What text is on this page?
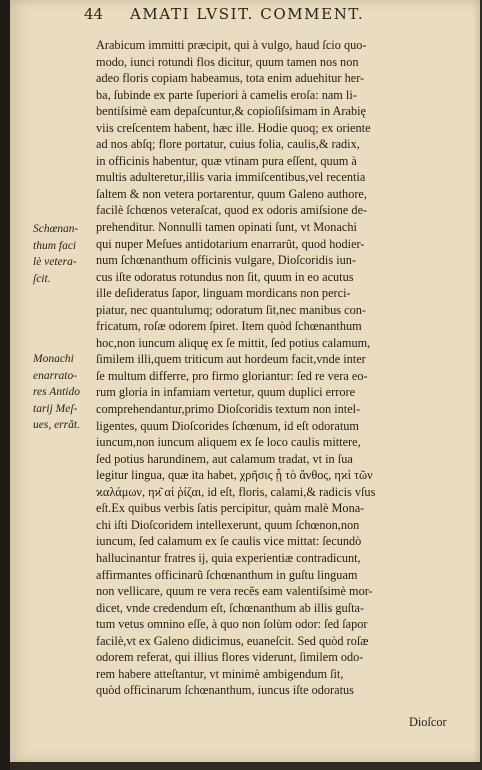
44 AMATI LVSIT. COMMENT.
Schœnan-
thum faci
lè vetera-
ſcit.
Monachi
enarrato-
res Antido
tarij Meſ-
ues, errăt.
Arabicum immitti præcipit, qui à vulgo, haud ſcio quo-
modo, iunci rotundi flos dicitur, quum tamen nos non
adeo floris copiam habeamus, tota enim aduehitur her-
ba, ſubinde ex parte ſuperiori à camelis eroſa: nam li-
bentiſsimè eam depaſcuntur,& copioſiſsimam in Arabię
viis creſcentem habent, hæc ille. Hodie quoq; ex oriente
ad nos abſq; flore portatur, cuius folia, caulis,& radix,
in officinis habentur, quæ vtinam pura eſſent, quum à
multis adulteretur,illis varia immiſcentibus,vel recentia
ſaltem & non vetera portarentur, quum Galeno authore,
facilè ſchœnos veteraſcat, quod ex odoris amiſsione de-
prehenditur. Nonnulli tamen opinati ſunt, vt Monachi
qui nuper Meſues antidotarium enarrarũt, quod hodier-
num ſchœnanthum officinis vulgare, Dioſcoridis iun-
cus iſte odoratus rotundus non ſit, quum in eo acutus
ille deſideratus ſapor, linguam mordicans non perci-
piatur, nec quantulumq; odoratum ſit,nec manibus con-
fricatum, roſæ odorem ſpiret. Item quòd ſchœnanthum
hoc,non iuncum aliquę ex ſe mittit, ſed potius calamum,
ſimilem illi,quem triticum aut hordeum facit,vnde inter
ſe multum differre, pro firmo gloriantur: ſed re vera eo-
rum gloria in infamiam vertetur, quum duplici errore
comprehendantur,primo Dioſcoridis textum non intel-
ligentes, quum Dioſcorides ſchœnum, id eſt odoratum
iuncum,non iuncum aliquem ex ſe loco caulis mittere,
ſed potius harundinem, aut calamum tradat, vt in ſua
legitur lingua, quæ ita habet, χρῆσις ᾗ τὸ ἄνθος, ηϰὶ τῶν
ϰαλάμων, ηϰ͂ αἱ ῥίζαι, id eſt, floris, calami,& radicis vſus
eſt.Ex quibus verbis ſatis percipitur, quàm malè Mona-
chi iſti Dioſcoridem intellexerunt, quum ſchœnon,non
iuncum, ſed calamum ex ſe caulis vice mittat: ſecundò
hallucinantur fratres ij, quia experientiæ contradicunt,
affirmantes officinarũ ſchœnanthum in guſtu linguam
non vellicare, quum re vera recẽs eam valentiſsimè mor-
dicet, vnde credendum eſt, ſchœnanthum ab illis guſta-
tum vetus omnino eſſe, à quo non ſolùm odor: ſed ſapor
facilè,vt ex Galeno didicimus, euaneſcit. Sed quòd roſæ
odorem referat, qui illius flores viderunt, ſimilem odo-
rem habere atteſtantur, vt minimè ambigendum ſit,
quòd officinarum ſchœnanthum, iuncus iſte odoratus
Dioſcor
